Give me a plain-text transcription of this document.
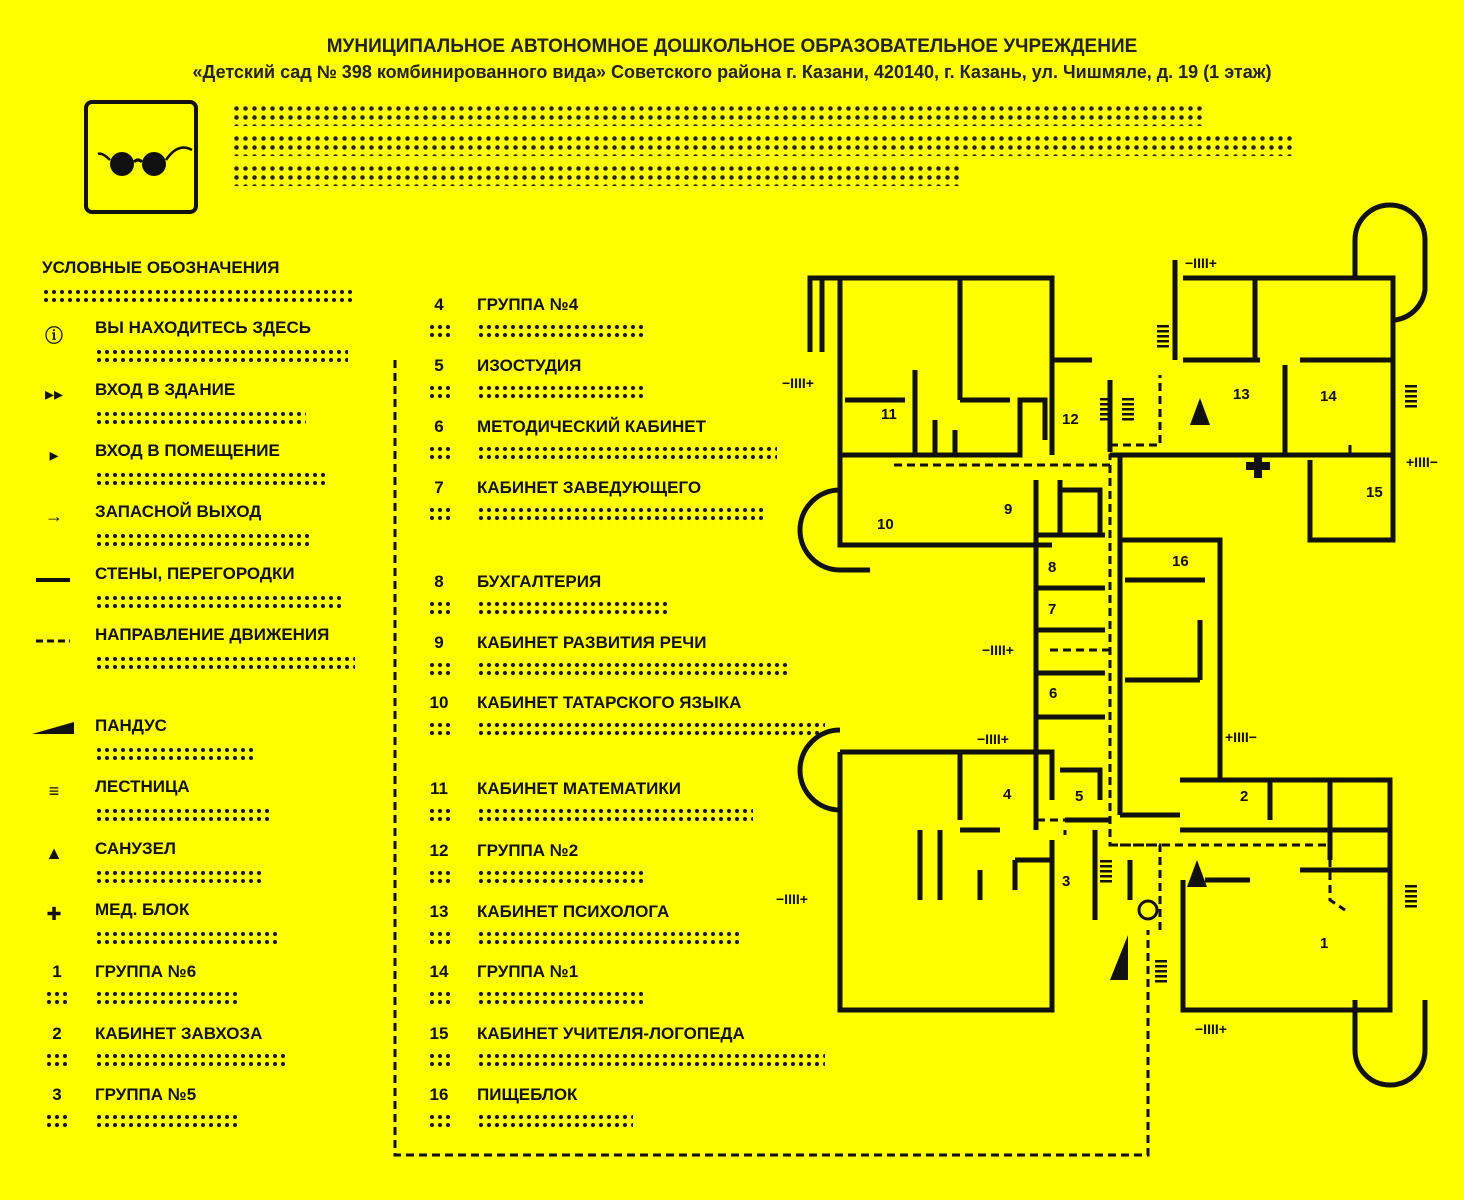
МУНИЦИПАЛЬНОЕ АВТОНОМНОЕ ДОШКОЛЬНОЕ ОБРАЗОВАТЕЛЬНОЕ УЧРЕЖДЕНИЕ
«Детский сад № 398 комбинированного вида» Советского района г. Казани, 420140, г. Казань, ул. Чишмяле, д. 19 (1 этаж)
УСЛОВНЫЕ ОБОЗНАЧЕНИЯ
ⓘ ВЫ НАХОДИТЕСЬ ЗДЕСЬ
▸▸ ВХОД В ЗДАНИЕ
▸	ВХОД В ПОМЕЩЕНИЕ
→ ЗАПАСНОЙ ВЫХОД
СТЕНЫ, ПЕРЕГОРОДКИ
НАПРАВЛЕНИЕ ДВИЖЕНИЯ
ПАНДУС
≡	ЛЕСТНИЦА
▲ САНУЗЕЛ
✚	МЕД. БЛОК
1	ГРУППА №6
2	КАБИНЕТ ЗАВХОЗА
3	ГРУППА №5
4	ГРУППА №4
5	ИЗОСТУДИЯ
6	МЕТОДИЧЕСКИЙ КАБИНЕТ
7	КАБИНЕТ ЗАВЕДУЮЩЕГО
8	БУХГАЛТЕРИЯ
9	КАБИНЕТ РАЗВИТИЯ РЕЧИ
10	КАБИНЕТ ТАТАРСКОГО ЯЗЫКА
11	КАБИНЕТ МАТЕМАТИКИ
12	ГРУППА №2
13	КАБИНЕТ ПСИХОЛОГА
14	ГРУППА №1
15	КАБИНЕТ УЧИТЕЛЯ-ЛОГОПЕДА
16	ПИЩЕБЛОК
−IIII+
−IIII+
+IIII−
−IIII+
−IIII+	+IIII−
−IIII+
−IIII+
1
2
3
4	5
6
7
8
9
10
11	12
13	14
15
16
